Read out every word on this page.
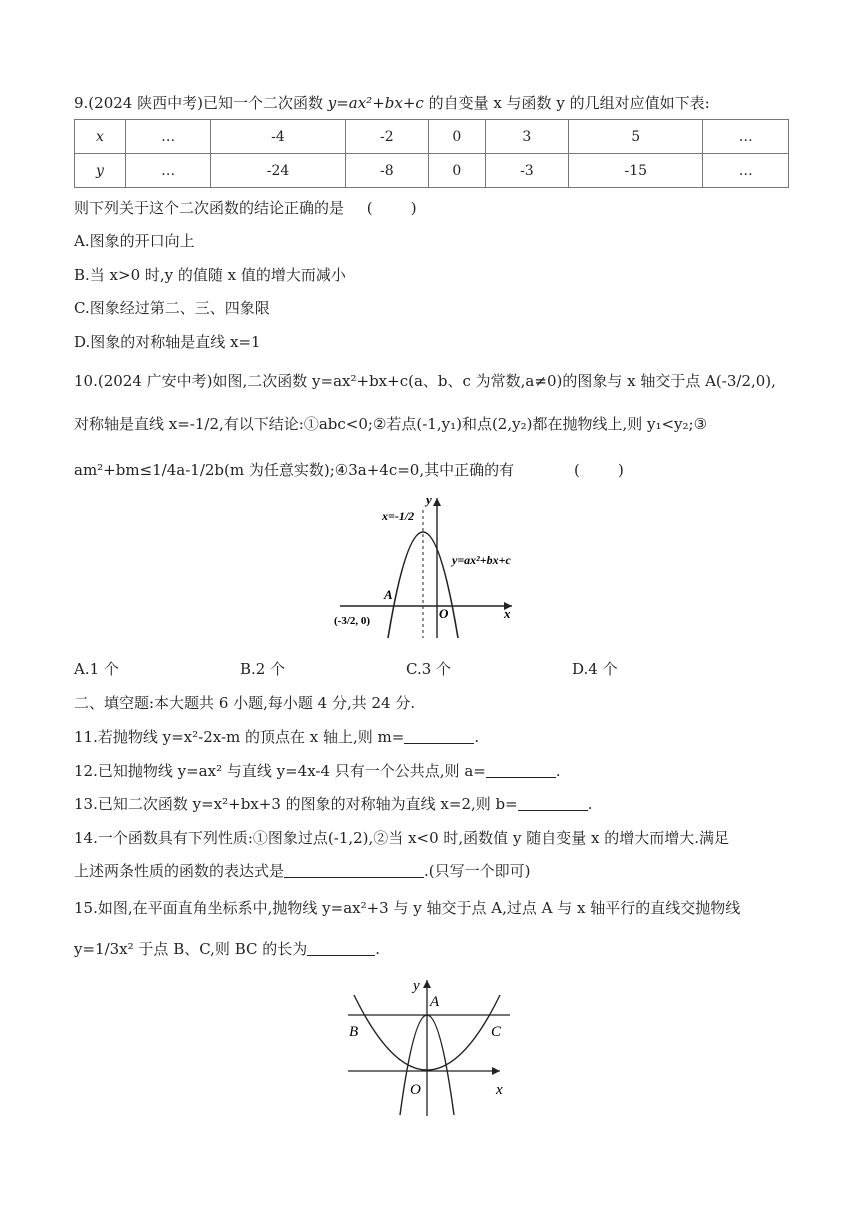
9.(2024 陕西中考)已知一个二次函数 y=ax²+bx+c 的自变量 x 与函数 y 的几组对应值如下表:
x	…	-4	-2	0	3	5	…
y	…	-24	-8	0	-3	-15	…
则下列关于这个二次函数的结论正确的是 (        )
A.图象的开口向上
B.当 x>0 时,y 的值随 x 值的增大而减小
C.图象经过第二、三、四象限
D.图象的对称轴是直线 x=1
10.(2024 广安中考)如图,二次函数 y=ax²+bx+c(a、b、c 为常数,a≠0)的图象与 x 轴交于点 A(-3/2,0),
对称轴是直线 x=-1/2,有以下结论:①abc<0;②若点(-1,y₁)和点(2,y₂)都在抛物线上,则 y₁<y₂;③
am²+bm≤1/4a-1/2b(m 为任意实数);④3a+4c=0,其中正确的有	(        )
x=-1/2
y
y=ax²+bx+c
A
O	x
(-3/2, 0)
A.1 个	B.2 个	C.3 个	D.4 个
二、填空题:本大题共 6 小题,每小题 4 分,共 24 分.
11.若抛物线 y=x²-2x-m 的顶点在 x 轴上,则 m=	.
12.已知抛物线 y=ax² 与直线 y=4x-4 只有一个公共点,则 a=	.
13.已知二次函数 y=x²+bx+3 的图象的对称轴为直线 x=2,则 b=	.
14.一个函数具有下列性质:①图象过点(-1,2),②当 x<0 时,函数值 y 随自变量 x 的增大而增大.满足
上述两条性质的函数的表达式是	.(只写一个即可)
15.如图,在平面直角坐标系中,抛物线 y=ax²+3 与 y 轴交于点 A,过点 A 与 x 轴平行的直线交抛物线
y=1/3x² 于点 B、C,则 BC 的长为	.
y
A
B	C
O	x
